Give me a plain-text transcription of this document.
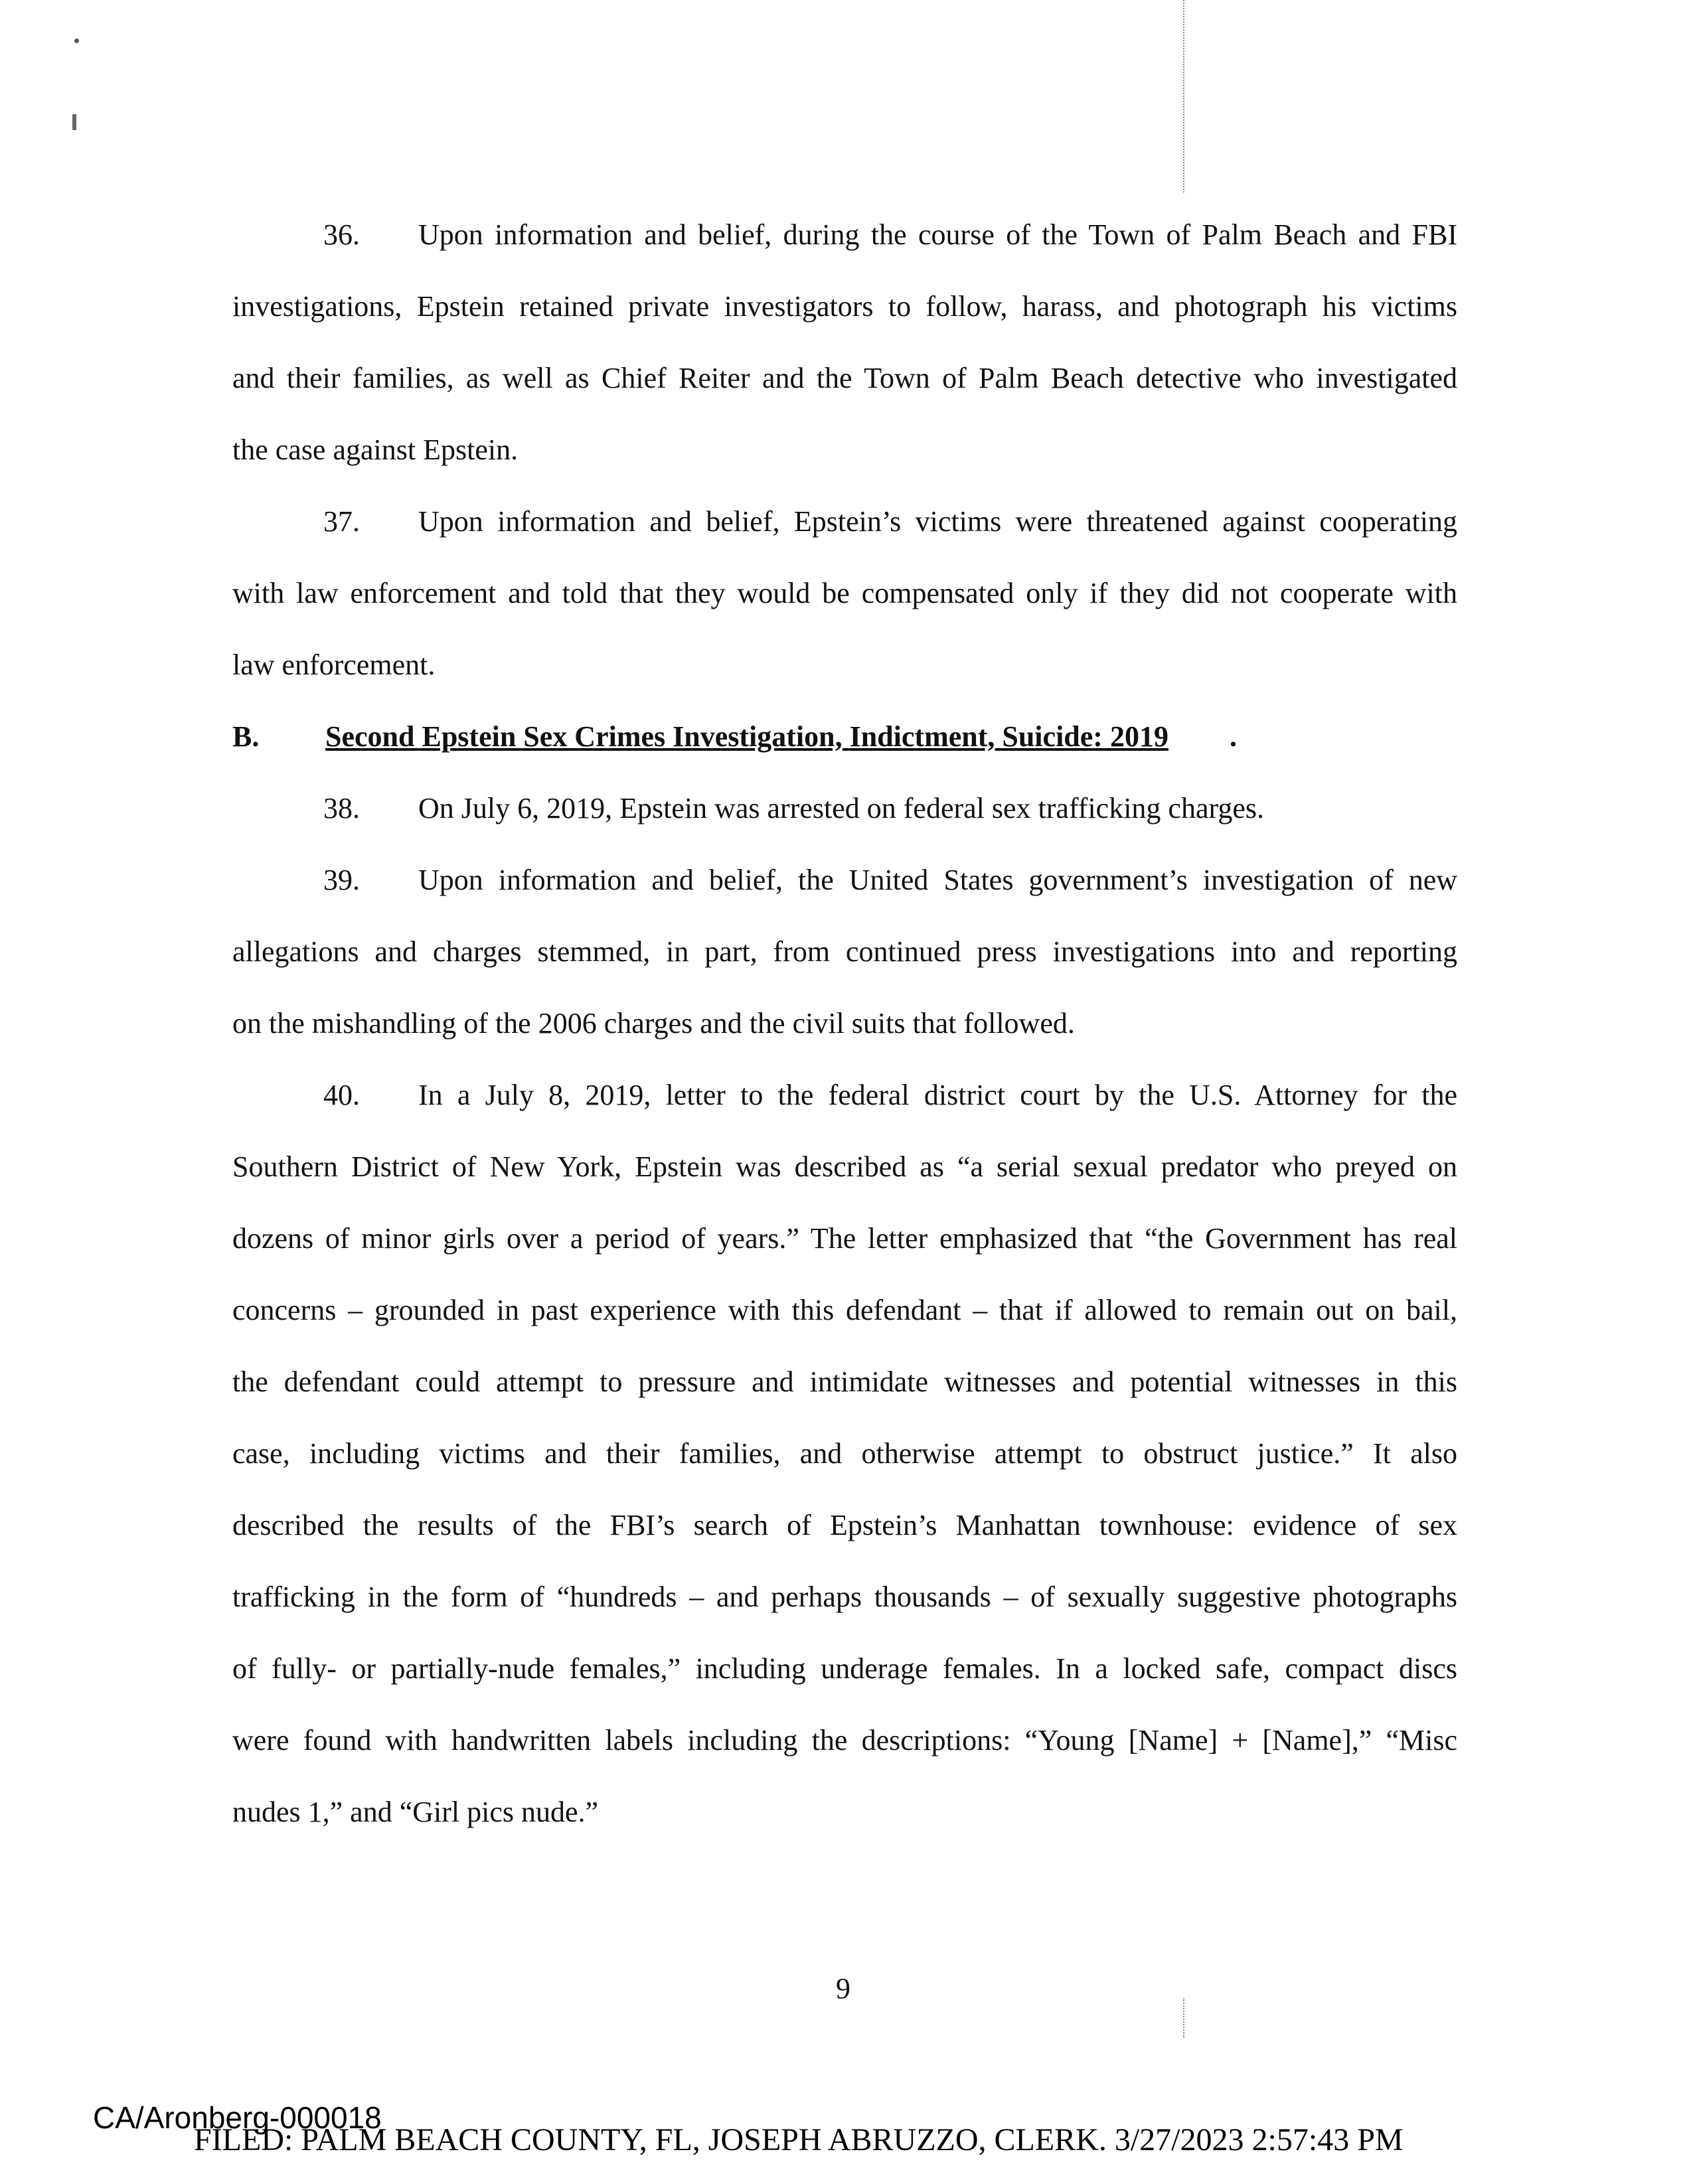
36. Upon information and belief, during the course of the Town of Palm Beach and FBI
investigations, Epstein retained private investigators to follow, harass, and photograph his victims
and their families, as well as Chief Reiter and the Town of Palm Beach detective who investigated
the case against Epstein.
37. Upon information and belief, Epstein’s victims were threatened against cooperating
with law enforcement and told that they would be compensated only if they did not cooperate with
law enforcement.
B. Second Epstein Sex Crimes Investigation, Indictment, Suicide: 2019 .
38. On July 6, 2019, Epstein was arrested on federal sex trafficking charges.
39. Upon information and belief, the United States government’s investigation of new
allegations and charges stemmed, in part, from continued press investigations into and reporting
on the mishandling of the 2006 charges and the civil suits that followed.
40. In a July 8, 2019, letter to the federal district court by the U.S. Attorney for the
Southern District of New York, Epstein was described as “a serial sexual predator who preyed on
dozens of minor girls over a period of years.” The letter emphasized that “the Government has real
concerns – grounded in past experience with this defendant – that if allowed to remain out on bail,
the defendant could attempt to pressure and intimidate witnesses and potential witnesses in this
case, including victims and their families, and otherwise attempt to obstruct justice.” It also
described the results of the FBI’s search of Epstein’s Manhattan townhouse: evidence of sex
trafficking in the form of “hundreds – and perhaps thousands – of sexually suggestive photographs
of fully- or partially-nude females,” including underage females. In a locked safe, compact discs
were found with handwritten labels including the descriptions: “Young [Name] + [Name],” “Misc
nudes 1,” and “Girl pics nude.”
9
CA/Aronberg-000018
FILED: PALM BEACH COUNTY, FL, JOSEPH ABRUZZO, CLERK. 3/27/2023 2:57:43 PM
